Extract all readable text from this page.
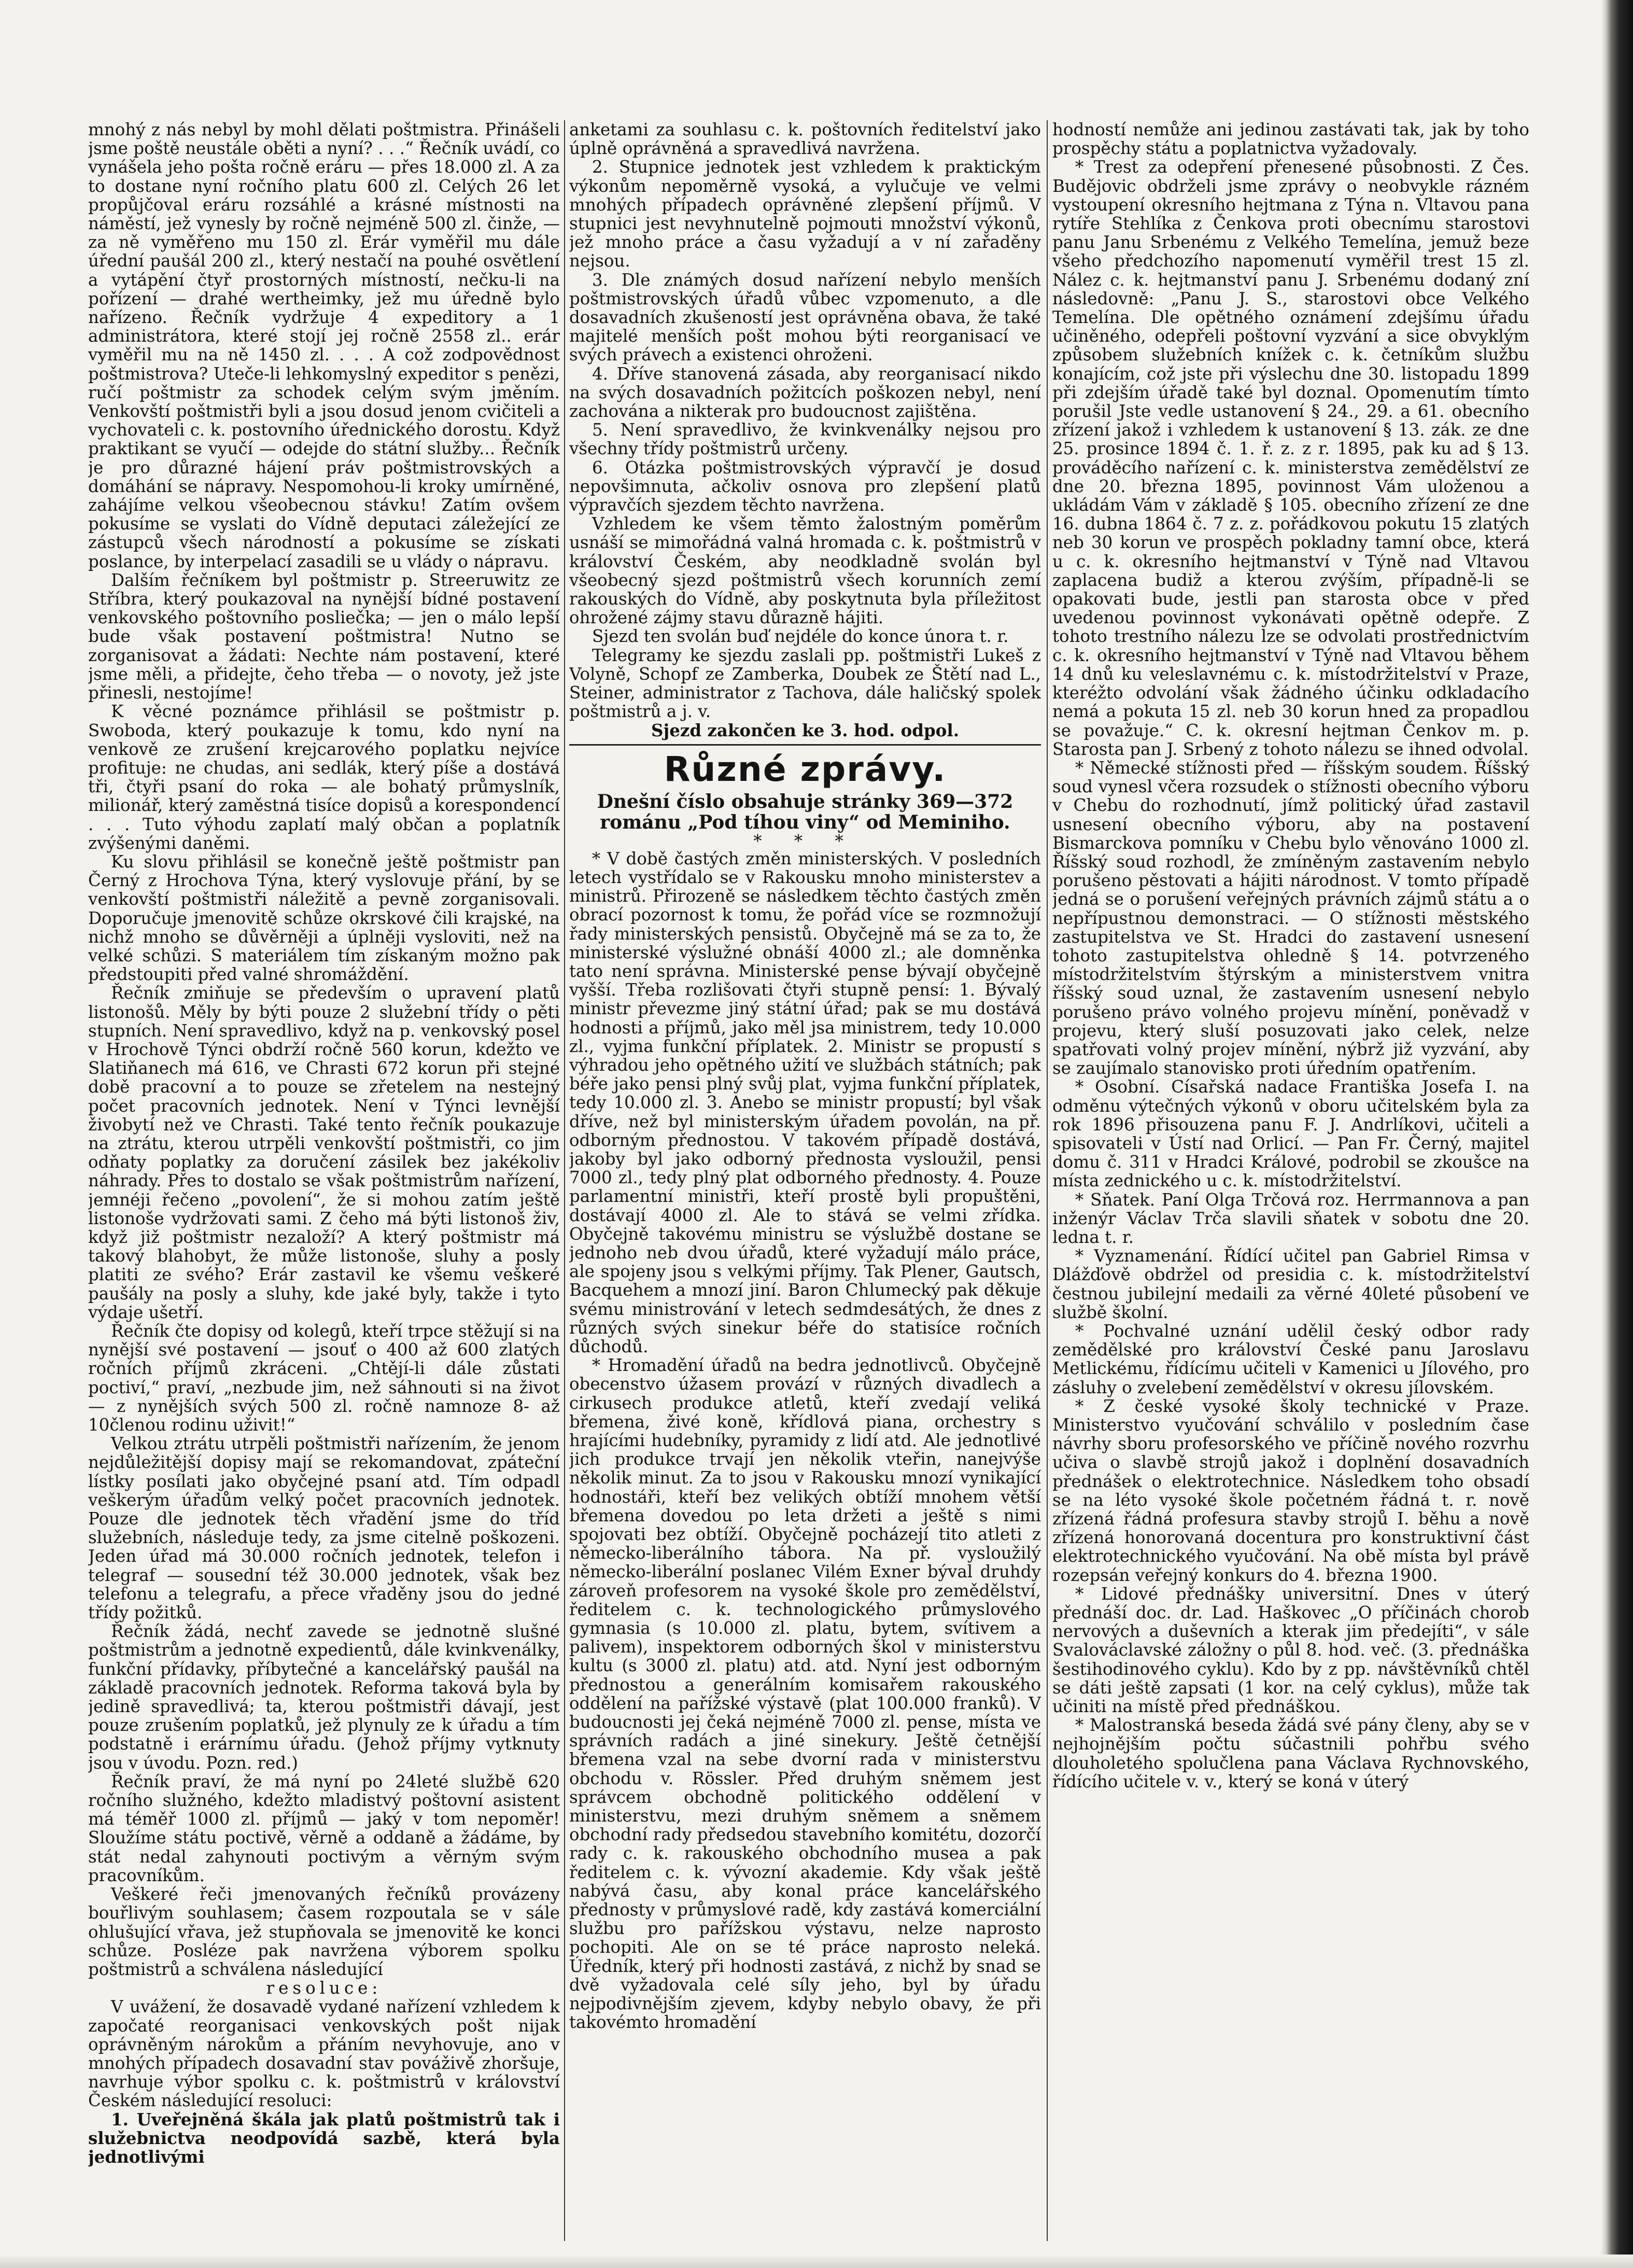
mnohý z nás nebyl by mohl dělati poštmistra. Přinášeli jsme poště neustále oběti a nyní? . . .“ Řečník uvádí, co vynášela jeho pošta ročně eráru — přes 18.000 zl. A za to dostane nyní ročního platu 600 zl. Celých 26 let propůjčoval eráru rozsáhlé a krásné místnosti na náměstí, jež vynesly by ročně nejméně 500 zl. činže, — za ně vyměřeno mu 150 zl. Erár vyměřil mu dále úřední paušál 200 zl., který nestačí na pouhé osvětlení a vytápění čtyř prostorných místností, nečku-li na pořízení — drahé wertheimky, jež mu úředně bylo nařízeno. Řečník vydržuje 4 expeditory a 1 administrátora, které stojí jej ročně 2558 zl.. erár vyměřil mu na ně 1450 zl. . . . A což zodpovědnost poštmistrova? Uteče-li lehkomyslný expeditor s penězi, ručí poštmistr za schodek celým svým jměním. Venkovští poštmistři byli a jsou dosud jenom cvičiteli a vychovateli c. k. postovního úřednického dorostu. Když praktikant se vyučí — odejde do státní služby... Řečník je pro důrazné hájení práv poštmistrovských a domáhání se nápravy. Nespomohou-li kroky umírněné, zahájíme velkou všeobecnou stávku! Zatím ovšem pokusíme se vyslati do Vídně deputaci záležející ze zástupců všech národností a pokusíme se získati poslance, by interpelací zasadili se u vlády o nápravu.

Dalším řečníkem byl poštmistr p. Streeruwitz ze Stříbra, který poukazoval na nynější bídné postavení venkovského poštovního posliečka; — jen o málo lepší bude však postavení poštmistra! Nutno se zorganisovat a žádati: Nechte nám postavení, které jsme měli, a přidejte, čeho třeba — o novoty, jež jste přinesli, nestojíme!

K věcné poznámce přihlásil se poštmistr p. Swoboda, který poukazuje k tomu, kdo nyní na venkově ze zrušení krejcarového poplatku nejvíce profituje: ne chudas, ani sedlák, který píše a dostává tři, čtyři psaní do roka — ale bohatý průmyslník, milionář, který zaměstná tisíce dopisů a korespondencí . . . Tuto výhodu zaplatí malý občan a poplatník zvýšenými daněmi.

Ku slovu přihlásil se konečně ještě poštmistr pan Černý z Hrochova Týna, který vyslovuje přání, by se venkovští poštmistři náležitě a pevně zorganisovali. Doporučuje jmenovitě schůze okrskové čili krajské, na nichž mnoho se důvěrněji a úplněji vysloviti, než na velké schůzi. S materiálem tím získaným možno pak předstoupiti před valné shromáždění.

Řečník zmiňuje se především o upravení platů listonošů. Měly by býti pouze 2 služební třídy o pěti stupních. Není spravedlivo, když na p. venkovský posel v Hrochově Týnci obdrží ročně 560 korun, kdežto ve Slatiňanech má 616, ve Chrasti 672 korun při stejné době pracovní a to pouze se zřetelem na nestejný počet pracovních jednotek. Není v Týnci levnější živobytí než ve Chrasti. Také tento řečník poukazuje na ztrátu, kterou utrpěli venkovští poštmistři, co jim odňaty poplatky za doručení zásilek bez jakékoliv náhrady. Přes to dostalo se však poštmistrům nařízení, jemnéji řečeno „povolení“, že si mohou zatím ještě listonoše vydržovati sami. Z čeho má býti listonoš živ, když již poštmistr nezaloží? A který poštmistr má takový blahobyt, že může listonoše, sluhy a posly platiti ze svého? Erár zastavil ke všemu veškeré paušály na posly a sluhy, kde jaké byly, takže i tyto výdaje ušetří.

Řečník čte dopisy od kolegů, kteří trpce stěžují si na nynější své postavení — jsouť o 400 až 600 zlatých ročních příjmů zkráceni. „Chtějí-li dále zůstati poctiví,“ praví, „nezbude jim, než sáhnouti si na život — z nynějších svých 500 zl. ročně namnoze 8- až 10členou rodinu uživit!“

Velkou ztrátu utrpěli poštmistři nařízením, že jenom nejdůležitější dopisy mají se rekomandovat, zpáteční lístky posílati jako obyčejné psaní atd. Tím odpadl veškerým úřadům velký počet pracovních jednotek. Pouze dle jednotek těch vřadění jsme do tříd služebních, následuje tedy, za jsme citelně poškozeni. Jeden úřad má 30.000 ročních jednotek, telefon i telegraf — sousední též 30.000 jednotek, však bez telefonu a telegrafu, a přece vřaděny jsou do jedné třídy požitků.

Řečník žádá, nechť zavede se jednotně slušné poštmistrům a jednotně expedientů, dále kvinkvenálky, funkční přídavky, příbytečné a kancelářský paušál na základě pracovních jednotek. Reforma taková byla by jedině spravedlivá; ta, kterou poštmistři dávají, jest pouze zrušením poplatků, jež plynuly ze k úřadu a tím podstatně i erárnímu úřadu. (Jehož příjmy vytknuty jsou v úvodu. Pozn. red.)

Řečník praví, že má nyní po 24leté službě 620 ročního služného, kdežto mladistvý poštovní asistent má téměř 1000 zl. příjmů — jaký v tom nepoměr! Sloužíme státu poctivě, věrně a oddaně a žádáme, by stát nedal zahynouti poctivým a věrným svým pracovníkům.

Veškeré řeči jmenovaných řečníků provázeny bouřlivým souhlasem; časem rozpoutala se v sále ohlušující vřava, jež stupňovala se jmenovitě ke konci schůze. Posléze pak navržena výborem spolku poštmistrů a schválena následující

resoluce:

V uvážení, že dosavadě vydané nařízení vzhledem k započaté reorganisaci venkovských pošt nijak oprávněným nárokům a přáním nevyhovuje, ano v mnohých případech dosavadní stav pováživě zhoršuje, navrhuje výbor spolku c. k. poštmistrů v království Českém následující resoluci:

1. Uveřejněná škála jak platů poštmistrů tak i služebnictva neodpovídá sazbě, která byla jednotlivými

anketami za souhlasu c. k. poštovních ředitelství jako úplně oprávněná a spravedlivá navržena.

2. Stupnice jednotek jest vzhledem k praktickým výkonům nepoměrně vysoká, a vylučuje ve velmi mnohých případech oprávněné zlepšení příjmů. V stupnici jest nevyhnutelně pojmouti množství výkonů, jež mnoho práce a času vyžadují a v ní zařaděny nejsou.

3. Dle známých dosud nařízení nebylo menších poštmistrovských úřadů vůbec vzpomenuto, a dle dosavadních zkušeností jest oprávněna obava, že také majitelé menších pošt mohou býti reorganisací ve svých právech a existenci ohroženi.

4. Dříve stanovená zásada, aby reorganisací nikdo na svých dosavadních požitcích poškozen nebyl, není zachována a nikterak pro budoucnost zajištěna.

5. Není spravedlivo, že kvinkvenálky nejsou pro všechny třídy poštmistrů určeny.

6. Otázka poštmistrovských výpravčí je dosud nepovšimnuta, ačkoliv osnova pro zlepšení platů výpravčích sjezdem těchto navržena.

Vzhledem ke všem těmto žalostným poměrům usnáší se mimořádná valná hromada c. k. poštmistrů v království Českém, aby neodkladně svolán byl všeobecný sjezd poštmistrů všech korunních zemí rakouských do Vídně, aby poskytnuta byla příležitost ohrožené zájmy stavu důrazně hájiti.

Sjezd ten svolán buď nejdéle do konce února t. r.

Telegramy ke sjezdu zaslali pp. poštmistři Lukeš z Volyně, Schopf ze Zamberka, Doubek ze Štětí nad L., Steiner, administrator z Tachova, dále haličský spolek poštmistrů a j. v.

Sjezd zakončen ke 3. hod. odpol.

Různé zprávy.

Dnešní číslo obsahuje stránky 369—372 románu „Pod tíhou viny“ od Meminiho.

* * *

* V době častých změn ministerských. V posledních letech vystřídalo se v Rakousku mnoho ministerstev a ministrů. Přirozeně se následkem těchto častých změn obrací pozornost k tomu, že pořád více se rozmnožují řady ministerských pensistů. Obyčejně má se za to, že ministerské výslužné obnáší 4000 zl.; ale domněnka tato není správna. Ministerské pense bývají obyčejně vyšší. Třeba rozlišovati čtyři stupně pensí: 1. Bývalý ministr převezme jiný státní úřad; pak se mu dostává hodnosti a příjmů, jako měl jsa ministrem, tedy 10.000 zl., vyjma funkční příplatek. 2. Ministr se propustí s výhradou jeho opětného užití ve službách státních; pak béře jako pensi plný svůj plat, vyjma funkční příplatek, tedy 10.000 zl. 3. Anebo se ministr propustí; byl však dříve, než byl ministerským úřadem povolán, na př. odborným přednostou. V takovém případě dostává, jakoby byl jako odborný přednosta vysloužil, pensi 7000 zl., tedy plný plat odborného přednosty. 4. Pouze parlamentní ministři, kteří prostě byli propuštěni, dostávají 4000 zl. Ale to stává se velmi zřídka. Obyčejně takovému ministru se výslužbě dostane se jednoho neb dvou úřadů, které vyžadují málo práce, ale spojeny jsou s velkými příjmy. Tak Plener, Gautsch, Bacquehem a mnozí jiní. Baron Chlumecký pak děkuje svému ministrování v letech sedmdesátých, že dnes z různých svých sinekur béře do statisíce ročních důchodů.

* Hromadění úřadů na bedra jednotlivců. Obyčejně obecenstvo úžasem provází v různých divadlech a cirkusech produkce atletů, kteří zvedají veliká břemena, živé koně, křídlová piana, orchestry s hrajícími hudebníky, pyramidy z lidí atd. Ale jednotlivé jich produkce trvají jen několik vteřin, nanejvýše několik minut. Za to jsou v Rakousku mnozí vynikající hodnostáři, kteří bez velikých obtíží mnohem větší břemena dovedou po leta držeti a ještě s nimi spojovati bez obtíží. Obyčejně pocházejí tito atleti z německo-liberálního tábora. Na př. vysloužilý německo-liberální poslanec Vilém Exner býval druhdy zároveň profesorem na vysoké škole pro zemědělství, ředitelem c. k. technologického průmyslového gymnasia (s 10.000 zl. platu, bytem, svítivem a palivem), inspektorem odborných škol v ministerstvu kultu (s 3000 zl. platu) atd. atd. Nyní jest odborným přednostou a generálním komisařem rakouského oddělení na pařížské výstavě (plat 100.000 franků). V budoucnosti jej čeká nejméně 7000 zl. pense, místa ve správních radách a jiné sinekury. Ještě četnější břemena vzal na sebe dvorní rada v ministerstvu obchodu v. Rössler. Před druhým sněmem jest správcem obchodně politického oddělení v ministerstvu, mezi druhým sněmem a sněmem obchodní rady předsedou stavebního komitétu, dozorčí rady c. k. rakouského obchodního musea a pak ředitelem c. k. vývozní akademie. Kdy však ještě nabývá času, aby konal práce kancelářského přednosty v průmyslové radě, kdy zastává komerciální službu pro pařížskou výstavu, nelze naprosto pochopiti. Ale on se té práce naprosto neleká. Úředník, který při hodnosti zastává, z nichž by snad se dvě vyžadovala celé síly jeho, byl by úřadu nejpodivnějším zjevem, kdyby nebylo obavy, že při takovémto hromadění

hodností nemůže ani jedinou zastávati tak, jak by toho prospěchy státu a poplatnictva vyžadovaly.

* Trest za odepření přenesené působnosti. Z Čes. Budějovic obdrželi jsme zprávy o neobvykle rázném vystoupení okresního hejtmana z Týna n. Vltavou pana rytíře Stehlíka z Čenkova proti obecnímu starostovi panu Janu Srbenému z Velkého Temelína, jemuž beze všeho předchozího napomenutí vyměřil trest 15 zl. Nález c. k. hejtmanství panu J. Srbenému dodaný zní následovně: „Panu J. S., starostovi obce Velkého Temelína. Dle opětného oznámení zdejšímu úřadu učiněného, odepřeli poštovní vyzvání a sice obvyklým způsobem služebních knížek c. k. četníkům službu konajícím, což jste při výslechu dne 30. listopadu 1899 při zdejším úřadě také byl doznal. Opomenutím tímto porušil Jste vedle ustanovení § 24., 29. a 61. obecního zřízení jakož i vzhledem k ustanovení § 13. zák. ze dne 25. prosince 1894 č. 1. ř. z. z r. 1895, pak ku ad § 13. prováděcího nařízení c. k. ministerstva zemědělství ze dne 20. března 1895, povinnost Vám uloženou a ukládám Vám v základě § 105. obecního zřízení ze dne 16. dubna 1864 č. 7 z. z. pořádkovou pokutu 15 zlatých neb 30 korun ve prospěch pokladny tamní obce, která u c. k. okresního hejtmanství v Týně nad Vltavou zaplacena budiž a kterou zvýším, případně-li se opakovati bude, jestli pan starosta obce v před uvedenou povinnost vykonávati opětně odepře. Z tohoto trestního nálezu lze se odvolati prostřednictvím c. k. okresního hejtmanství v Týně nad Vltavou během 14 dnů ku veleslavnému c. k. místodržitelství v Praze, kteréžto odvolání však žádného účinku odkladacího nemá a pokuta 15 zl. neb 30 korun hned za propadlou se považuje.“ C. k. okresní hejtman Čenkov m. p. Starosta pan J. Srbený z tohoto nálezu se ihned odvolal.

* Německé stížnosti před — říšským soudem. Říšský soud vynesl včera rozsudek o stížnosti obecního výboru v Chebu do rozhodnutí, jímž politický úřad zastavil usnesení obecního výboru, aby na postavení Bismarckova pomníku v Chebu bylo věnováno 1000 zl. Říšský soud rozhodl, že zmíněným zastavením nebylo porušeno pěstovati a hájiti národnost. V tomto případě jedná se o porušení veřejných právních zájmů státu a o nepřípustnou demonstraci. — O stížnosti městského zastupitelstva ve St. Hradci do zastavení usnesení tohoto zastupitelstva ohledně § 14. potvrzeného místodržitelstvím štýrským a ministerstvem vnitra říšský soud uznal, že zastavením usnesení nebylo porušeno právo volného projevu mínění, poněvadž v projevu, který sluší posuzovati jako celek, nelze spatřovati volný projev mínění, nýbrž již vyzvání, aby se zaujímalo stanovisko proti úředním opatřením.

* Osobní. Císařská nadace Františka Josefa I. na odměnu výtečných výkonů v oboru učitelském byla za rok 1896 přisouzena panu F. J. Andrlíkovi, učiteli a spisovateli v Ústí nad Orlicí. — Pan Fr. Černý, majitel domu č. 311 v Hradci Králové, podrobil se zkoušce na místa zednického u c. k. místodržitelství.

* Sňatek. Paní Olga Trčová roz. Herrmannova a pan inženýr Václav Trča slavili sňatek v sobotu dne 20. ledna t. r.

* Vyznamenání. Řídící učitel pan Gabriel Rimsa v Dlážďově obdržel od presidia c. k. místodržitelství čestnou jubilejní medaili za věrné 40leté působení ve službě školní.

* Pochvalné uznání udělil český odbor rady zemědělské pro království České panu Jaroslavu Metlickému, řídícímu učiteli v Kamenici u Jílového, pro zásluhy o zvelebení zemědělství v okresu jílovském.

* Z české vysoké školy technické v Praze. Ministerstvo vyučování schválilo v posledním čase návrhy sboru profesorského ve příčině nového rozvrhu učiva o slavbě strojů jakož i doplnění dosavadních přednášek o elektrotechnice. Následkem toho obsadí se na léto vysoké škole početném řádná t. r. nově zřízená řádná profesura stavby strojů I. běhu a nově zřízená honorovaná docentura pro konstruktivní část elektrotechnického vyučování. Na obě místa byl právě rozepsán veřejný konkurs do 4. března 1900.

* Lidové přednášky universitní. Dnes v úterý přednáší doc. dr. Lad. Haškovec „O příčinách chorob nervových a duševních a kterak jim předejíti“, v sále Svalováclavské záložny o půl 8. hod. več. (3. přednáška šestihodinového cyklu). Kdo by z pp. návštěvníků chtěl se dáti ještě zapsati (1 kor. na celý cyklus), může tak učiniti na místě před přednáškou.

* Malostranská beseda žádá své pány členy, aby se v nejhojnějším počtu súčastnili pohřbu svého dlouholetého spolučlena pana Václava Rychnovského, řídícího učitele v. v., který se koná v úterý
